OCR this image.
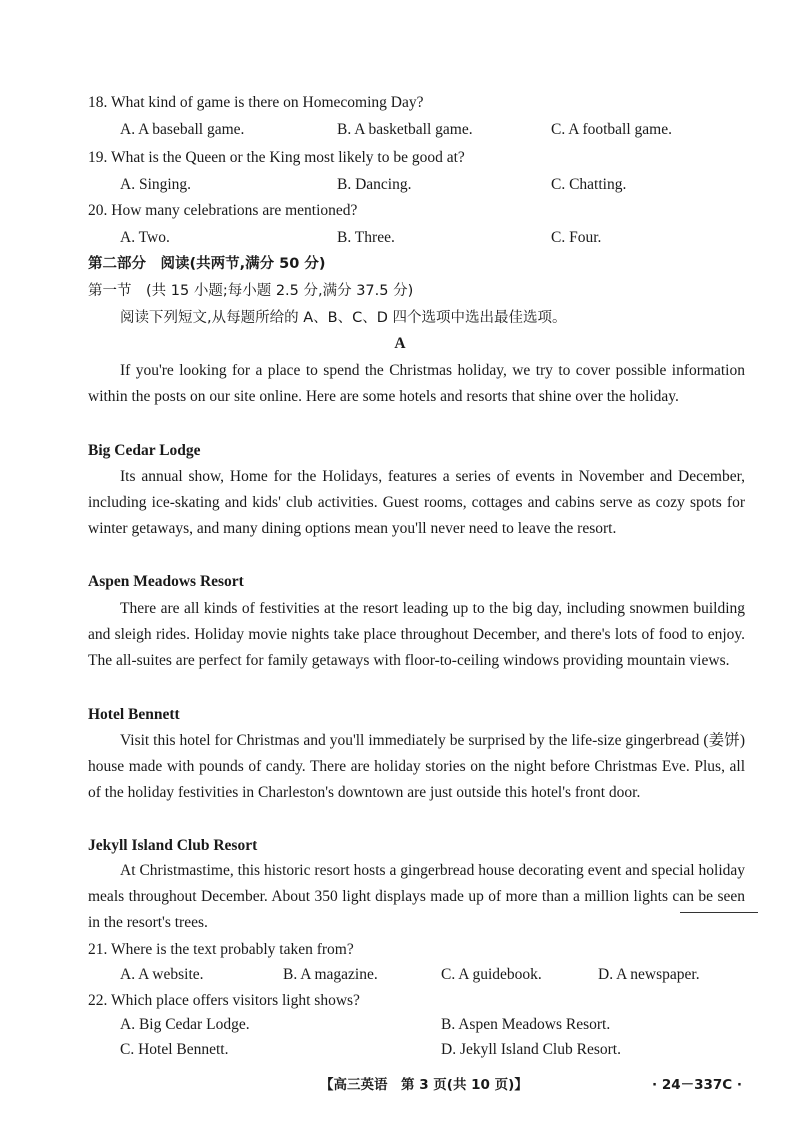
18. What kind of game is there on Homecoming Day?
A. A baseball game.	B. A basketball game.	C. A football game.
19. What is the Queen or the King most likely to be good at?
A. Singing.	B. Dancing.	C. Chatting.
20. How many celebrations are mentioned?
A. Two.	B. Three.	C. Four.
第二部分　阅读(共两节,满分 50 分)
第一节　(共 15 小题;每小题 2.5 分,满分 37.5 分)
阅读下列短文,从每题所给的 A、B、C、D 四个选项中选出最佳选项。
A
If you're looking for a place to spend the Christmas holiday, we try to cover possible information within the posts on our site online. Here are some hotels and resorts that shine over the holiday.
Big Cedar Lodge
Its annual show, Home for the Holidays, features a series of events in November and December, including ice-skating and kids' club activities. Guest rooms, cottages and cabins serve as cozy spots for winter getaways, and many dining options mean you'll never need to leave the resort.
Aspen Meadows Resort
There are all kinds of festivities at the resort leading up to the big day, including snowmen building and sleigh rides. Holiday movie nights take place throughout December, and there's lots of food to enjoy. The all-suites are perfect for family getaways with floor-to-ceiling windows providing mountain views.
Hotel Bennett
Visit this hotel for Christmas and you'll immediately be surprised by the life-size gingerbread (姜饼) house made with pounds of candy. There are holiday stories on the night before Christmas Eve. Plus, all of the holiday festivities in Charleston's downtown are just outside this hotel's front door.
Jekyll Island Club Resort
At Christmastime, this historic resort hosts a gingerbread house decorating event and special holiday meals throughout December. About 350 light displays made up of more than a million lights can be seen in the resort's trees.
21. Where is the text probably taken from?
A. A website.	B. A magazine.	C. A guidebook.	D. A newspaper.
22. Which place offers visitors light shows?
A. Big Cedar Lodge.	B. Aspen Meadows Resort.
C. Hotel Bennett.	D. Jekyll Island Club Resort.
【高三英语　第 3 页(共 10 页)】	· 24－337C ·
